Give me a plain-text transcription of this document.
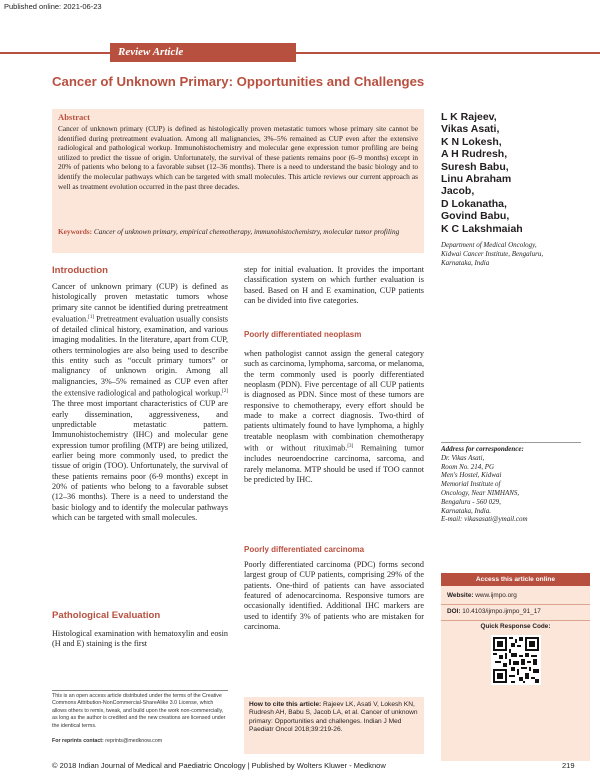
Published online: 2021-06-23
Review Article
Cancer of Unknown Primary: Opportunities and Challenges
Abstract
Cancer of unknown primary (CUP) is defined as histologically proven metastatic tumors whose primary site cannot be identified during pretreatment evaluation. Among all malignancies, 3%–5% remained as CUP even after the extensive radiological and pathological workup. Immunohistochemistry and molecular gene expression tumor profiling are being utilized to predict the tissue of origin. Unfortunately, the survival of these patients remains poor (6–9 months) except in 20% of patients who belong to a favorable subset (12–36 months). There is a need to understand the basic biology and to identify the molecular pathways which can be targeted with small molecules. This article reviews our current approach as well as treatment evolution occurred in the past three decades.
Keywords: Cancer of unknown primary, empirical chemotherapy, immunohistochemistry, molecular tumor profiling
L K Rajeev,
Vikas Asati,
K N Lokesh,
A H Rudresh,
Suresh Babu,
Linu Abraham
Jacob,
D Lokanatha,
Govind Babu,
K C Lakshmaiah
Department of Medical Oncology, Kidwai Cancer Institute, Bengaluru, Karnataka, India
Introduction
Cancer of unknown primary (CUP) is defined as histologically proven metastatic tumors whose primary site cannot be identified during pretreatment evaluation.[1] Pretreatment evaluation usually consists of detailed clinical history, examination, and various imaging modalities. In the literature, apart from CUP, others terminologies are also being used to describe this entity such as “occult primary tumors” or malignancy of unknown origin. Among all malignancies, 3%–5% remained as CUP even after the extensive radiological and pathological workup.[2] The three most important characteristics of CUP are early dissemination, aggressiveness, and unpredictable metastatic pattern. Immunohistochemistry (IHC) and molecular gene expression tumor profiling (MTP) are being utilized, earlier being more commonly used, to predict the tissue of origin (TOO). Unfortunately, the survival of these patients remains poor (6-9 months) except in 20% of patients who belong to a favorable subset (12–36 months). There is a need to understand the basic biology and to identify the molecular pathways which can be targeted with small molecules.
Pathological Evaluation
Histological examination with hematoxylin and eosin (H and E) staining is the first
step for initial evaluation. It provides the important classification system on which further evaluation is based. Based on H and E examination, CUP patients can be divided into five categories.
Poorly differentiated neoplasm
when pathologist cannot assign the general category such as carcinoma, lymphoma, sarcoma, or melanoma, the term commonly used is poorly differentiated neoplasm (PDN). Five percentage of all CUP patients is diagnosed as PDN. Since most of these tumors are responsive to chemotherapy, every effort should be made to make a correct diagnosis. Two-third of patients ultimately found to have lymphoma, a highly treatable neoplasm with combination chemotherapy with or without rituximab.[3] Remaining tumor includes neuroendocrine carcinoma, sarcoma, and rarely melanoma. MTP should be used if TOO cannot be predicted by IHC.
Poorly differentiated carcinoma
Poorly differentiated carcinoma (PDC) forms second largest group of CUP patients, comprising 29% of the patients. One-third of patients can have associated featured of adenocarcinoma. Responsive tumors are occasionally identified. Additional IHC markers are used to identify 3% of patients who are mistaken for carcinoma.
This is an open access article distributed under the terms of the Creative Commons Attribution-NonCommercial-ShareAlike 3.0 License, which allows others to remix, tweak, and build upon the work non-commercially, as long as the author is credited and the new creations are licensed under the identical terms.
For reprints contact: reprints@medknow.com
Address for correspondence:
Dr. Vikas Asati,
Room No. 214, PG
Men's Hostel, Kidwai
Memorial Institute of
Oncology, Near NIMHANS,
Bengaluru - 560 029,
Karnataka, India.
E-mail: vikasasati@ymail.com
Access this article online
Website: www.ijmpo.org
DOI: 10.4103/ijmpo.ijmpo_91_17
Quick Response Code:
How to cite this article: Rajeev LK, Asati V, Lokesh KN, Rudresh AH, Babu S, Jacob LA, et al. Cancer of unknown primary: Opportunities and challenges. Indian J Med Paediatr Oncol 2018;39:219-26.
© 2018 Indian Journal of Medical and Paediatric Oncology | Published by Wolters Kluwer - Medknow	219
